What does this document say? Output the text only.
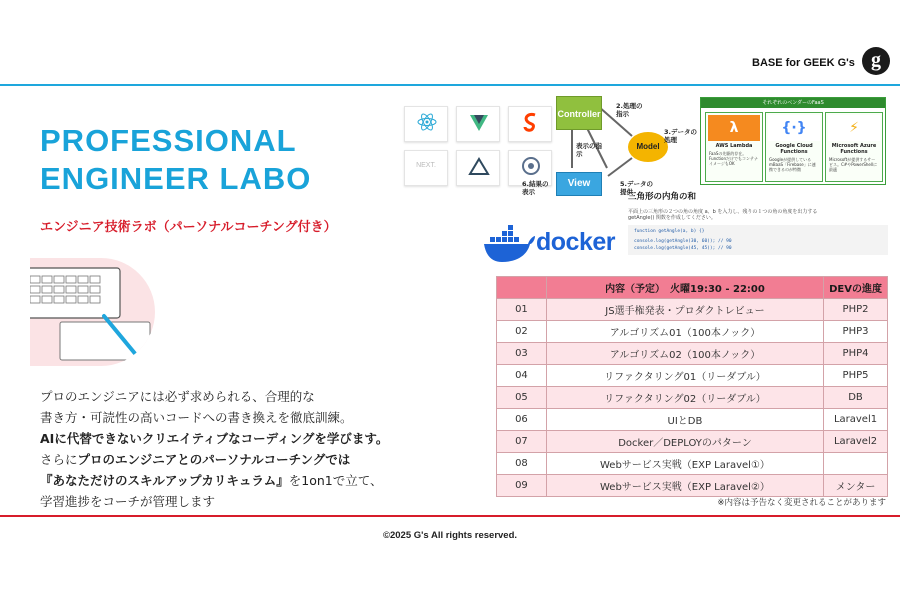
BASE for GEEK G's g
PROFESSIONAL
ENGINEER LABO
エンジニア技術ラボ（パーソナルコーチング付き）
プロのエンジニアには必ず求められる、合理的な
書き方・可読性の高いコードへの書き換えを徹底訓練。
AIに代替できないクリエイティブなコーディングを学びます。
さらにプロのエンジニアとのパーソナルコーチングでは
『あなただけのスキルアップカリキュラム』を1on1で立て、
学習進捗をコーチが管理します
NEXT.
Controller
Model
View
2.処理の指示
3.データの処理
表示の指示
5.データの提供
6.結果の表示
それぞれのベンダーのFaaS
λ
AWS Lambda
FaaSの先駆的存在。FunctionだけでもコンテナイメージもOK
{·}
Google Cloud Functions
Googleが提供しているmBaaS「Firebase」に連携できるのが特徴
⚡
Microsoft Azure Functions
Microsoftが提供するサービス。C#やPowerShellに最適
三角形の内角の和
平面上の三角形の２つの角の角度 a、b を入力し、残りの１つの角の角度を出力する
getAngle() 関数を作成してください。
function getAngle(a, b) {}
console.log(getAngle(30, 60)); // 90
console.log(getAngle(45, 45)); // 90
docker
	内容（予定）　火曜19:30 - 22:00	DEVの進度
01	JS選手権発表・プロダクトレビュー	PHP2
02	アルゴリズム01（100本ノック）	PHP3
03	アルゴリズム02（100本ノック）	PHP4
04	リファクタリング01（リーダブル）	PHP5
05	リファクタリング02（リーダブル）	DB
06	UIとDB	Laravel1
07	Docker／DEPLOYのパターン	Laravel2
08	Webサービス実戦（EXP Laravel①）	
09	Webサービス実戦（EXP Laravel②）	メンター
※内容は予告なく変更されることがあります
©2025 G's All rights reserved.
